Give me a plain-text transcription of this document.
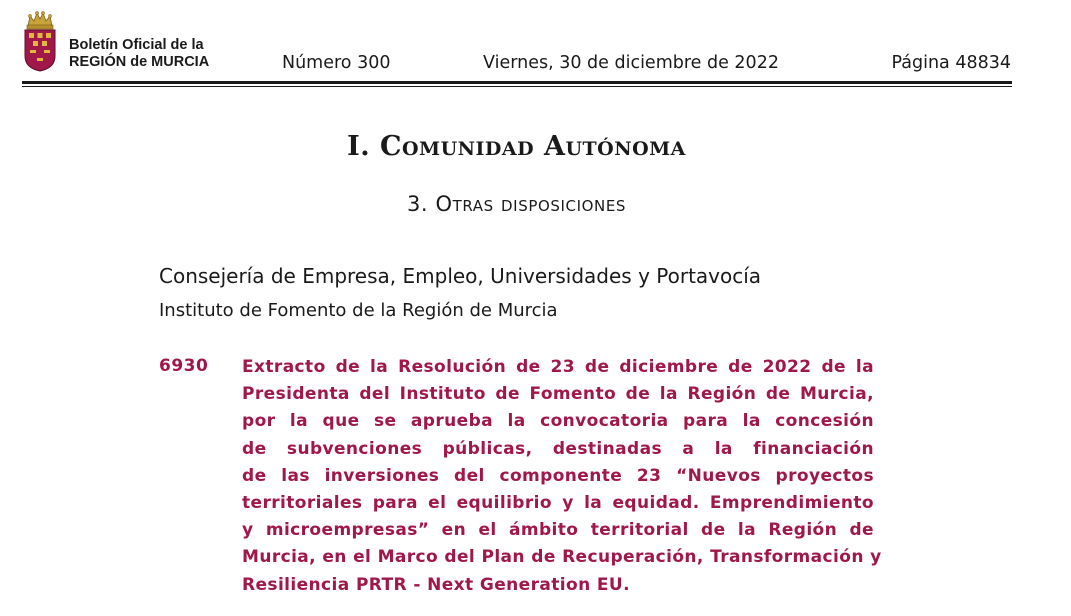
Boletín Oficial de la
REGIÓN de MURCIA	Número 300	Viernes, 30 de diciembre de 2022	Página 48834
I. Comunidad Autónoma
3. Otras disposiciones
Consejería de Empresa, Empleo, Universidades y Portavocía
Instituto de Fomento de la Región de Murcia
6930 Extracto de la Resolución de 23 de diciembre de 2022 de la
Presidenta del Instituto de Fomento de la Región de Murcia,
por la que se aprueba la convocatoria para la concesión
de subvenciones públicas, destinadas a la financiación
de las inversiones del componente 23 “Nuevos proyectos
territoriales para el equilibrio y la equidad. Emprendimiento
y microempresas” en el ámbito territorial de la Región de
Murcia, en el Marco del Plan de Recuperación, Transformación y
Resiliencia PRTR - Next Generation EU.
